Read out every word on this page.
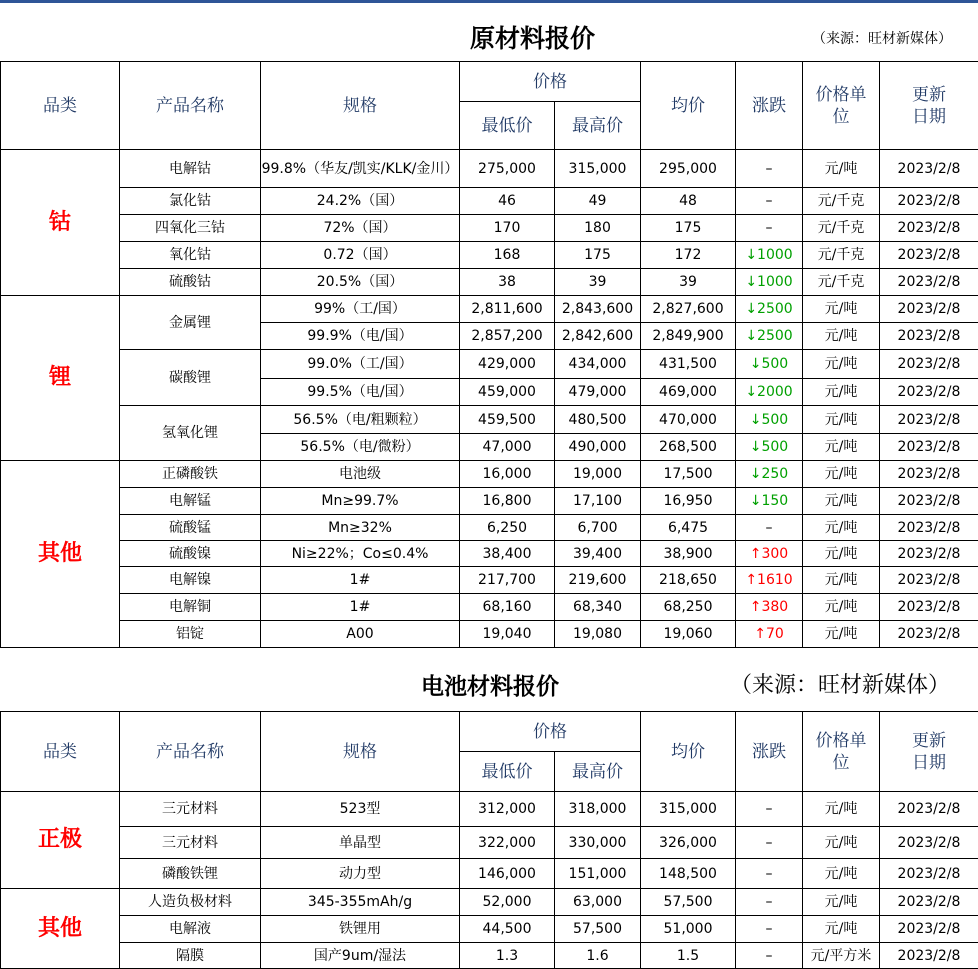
原材料报价	（来源：旺材新媒体）
品类	产品名称	规格	价格		均价	涨跌	价格单位	更新日期
			最低价	最高价				
钴	电解钴	99.8%（华友/凯实/KLK/金川）	275,000	315,000	295,000	–	元/吨	2023/2/8
	氯化钴	24.2%（国）	46	49	48	–	元/千克	2023/2/8
	四氧化三钴	72%（国）	170	180	175	–	元/千克	2023/2/8
	氧化钴	0.72（国）	168	175	172	↓1000	元/千克	2023/2/8
	硫酸钴	20.5%（国）	38	39	39	↓1000	元/千克	2023/2/8
锂	金属锂	99%（工/国）	2,811,600	2,843,600	2,827,600	↓2500	元/吨	2023/2/8
		99.9%（电/国）	2,857,200	2,842,600	2,849,900	↓2500	元/吨	2023/2/8
	碳酸锂	99.0%（工/国）	429,000	434,000	431,500	↓500	元/吨	2023/2/8
		99.5%（电/国）	459,000	479,000	469,000	↓2000	元/吨	2023/2/8
	氢氧化锂	56.5%（电/粗颗粒）	459,500	480,500	470,000	↓500	元/吨	2023/2/8
		56.5%（电/微粉）	47,000	490,000	268,500	↓500	元/吨	2023/2/8
其他	正磷酸铁	电池级	16,000	19,000	17,500	↓250	元/吨	2023/2/8
	电解锰	Mn≥99.7%	16,800	17,100	16,950	↓150	元/吨	2023/2/8
	硫酸锰	Mn≥32%	6,250	6,700	6,475	–	元/吨	2023/2/8
	硫酸镍	Ni≥22%；Co≤0.4%	38,400	39,400	38,900	↑300	元/吨	2023/2/8
	电解镍	1#	217,700	219,600	218,650	↑1610	元/吨	2023/2/8
	电解铜	1#	68,160	68,340	68,250	↑380	元/吨	2023/2/8
	铝锭	A00	19,040	19,080	19,060	↑70	元/吨	2023/2/8
电池材料报价	（来源：旺材新媒体）
品类	产品名称	规格	价格		均价	涨跌	价格单位	更新日期
			最低价	最高价				
正极	三元材料	523型	312,000	318,000	315,000	–	元/吨	2023/2/8
	三元材料	单晶型	322,000	330,000	326,000	–	元/吨	2023/2/8
	磷酸铁锂	动力型	146,000	151,000	148,500	–	元/吨	2023/2/8
其他	人造负极材料	345-355mAh/g	52,000	63,000	57,500	–	元/吨	2023/2/8
	电解液	铁锂用	44,500	57,500	51,000	–	元/吨	2023/2/8
	隔膜	国产9um/湿法	1.3	1.6	1.5	–	元/平方米	2023/2/8
